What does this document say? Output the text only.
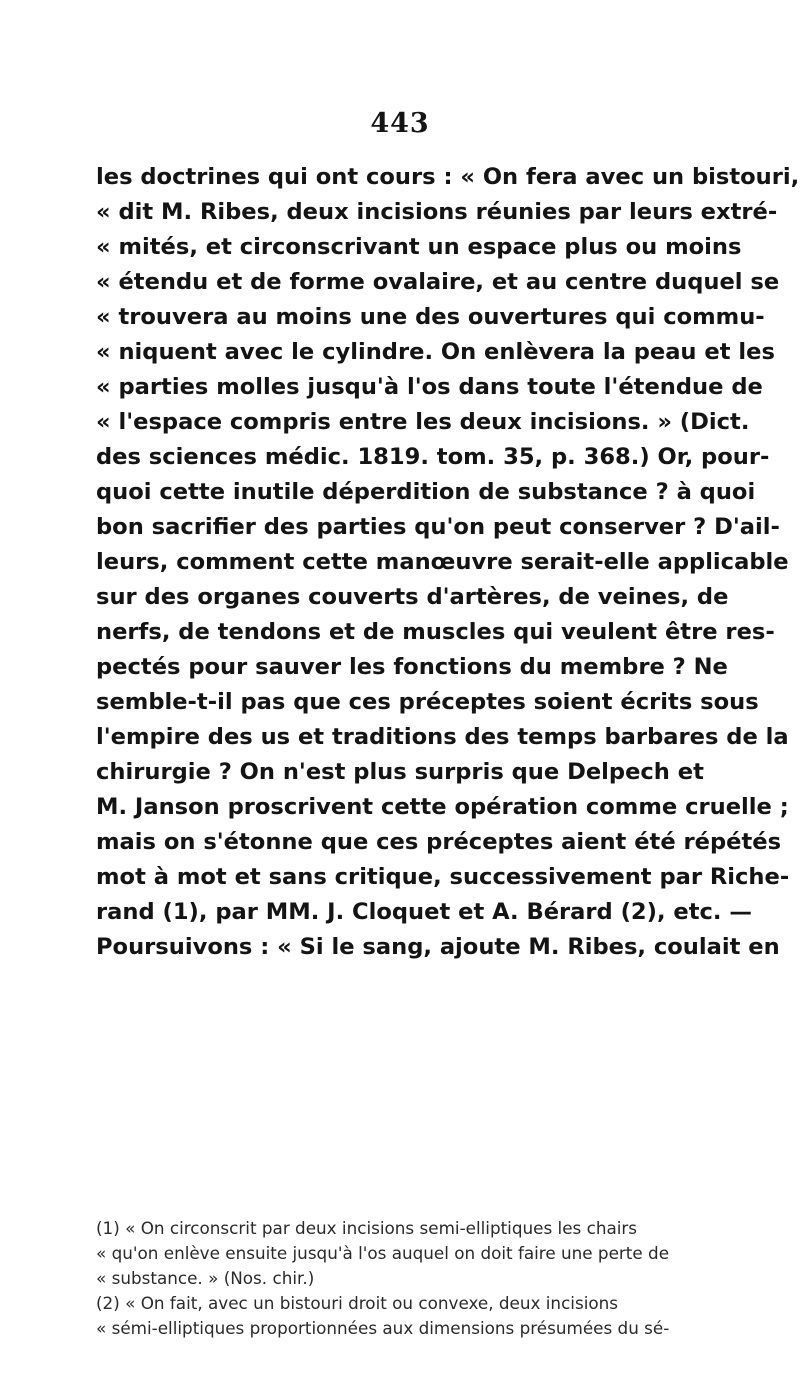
443
les doctrines qui ont cours : « On fera avec un bistouri,
« dit M. Ribes, deux incisions réunies par leurs extré-
« mités, et circonscrivant un espace plus ou moins
« étendu et de forme ovalaire, et au centre duquel se
« trouvera au moins une des ouvertures qui commu-
« niquent avec le cylindre. On enlèvera la peau et les
« parties molles jusqu'à l'os dans toute l'étendue de
« l'espace compris entre les deux incisions. » (Dict.
des sciences médic. 1819. tom. 35, p. 368.) Or, pour-
quoi cette inutile déperdition de substance ? à quoi
bon sacrifier des parties qu'on peut conserver ? D'ail-
leurs, comment cette manœuvre serait-elle applicable
sur des organes couverts d'artères, de veines, de
nerfs, de tendons et de muscles qui veulent être res-
pectés pour sauver les fonctions du membre ? Ne
semble-t-il pas que ces préceptes soient écrits sous
l'empire des us et traditions des temps barbares de la
chirurgie ? On n'est plus surpris que Delpech et
M. Janson proscrivent cette opération comme cruelle ;
mais on s'étonne que ces préceptes aient été répétés
mot à mot et sans critique, successivement par Riche-
rand (1), par MM. J. Cloquet et A. Bérard (2), etc. —
Poursuivons : « Si le sang, ajoute M. Ribes, coulait en
(1) « On circonscrit par deux incisions semi-elliptiques les chairs
« qu'on enlève ensuite jusqu'à l'os auquel on doit faire une perte de
« substance. » (Nos. chir.)
(2) « On fait, avec un bistouri droit ou convexe, deux incisions
« sémi-elliptiques proportionnées aux dimensions présumées du sé-
